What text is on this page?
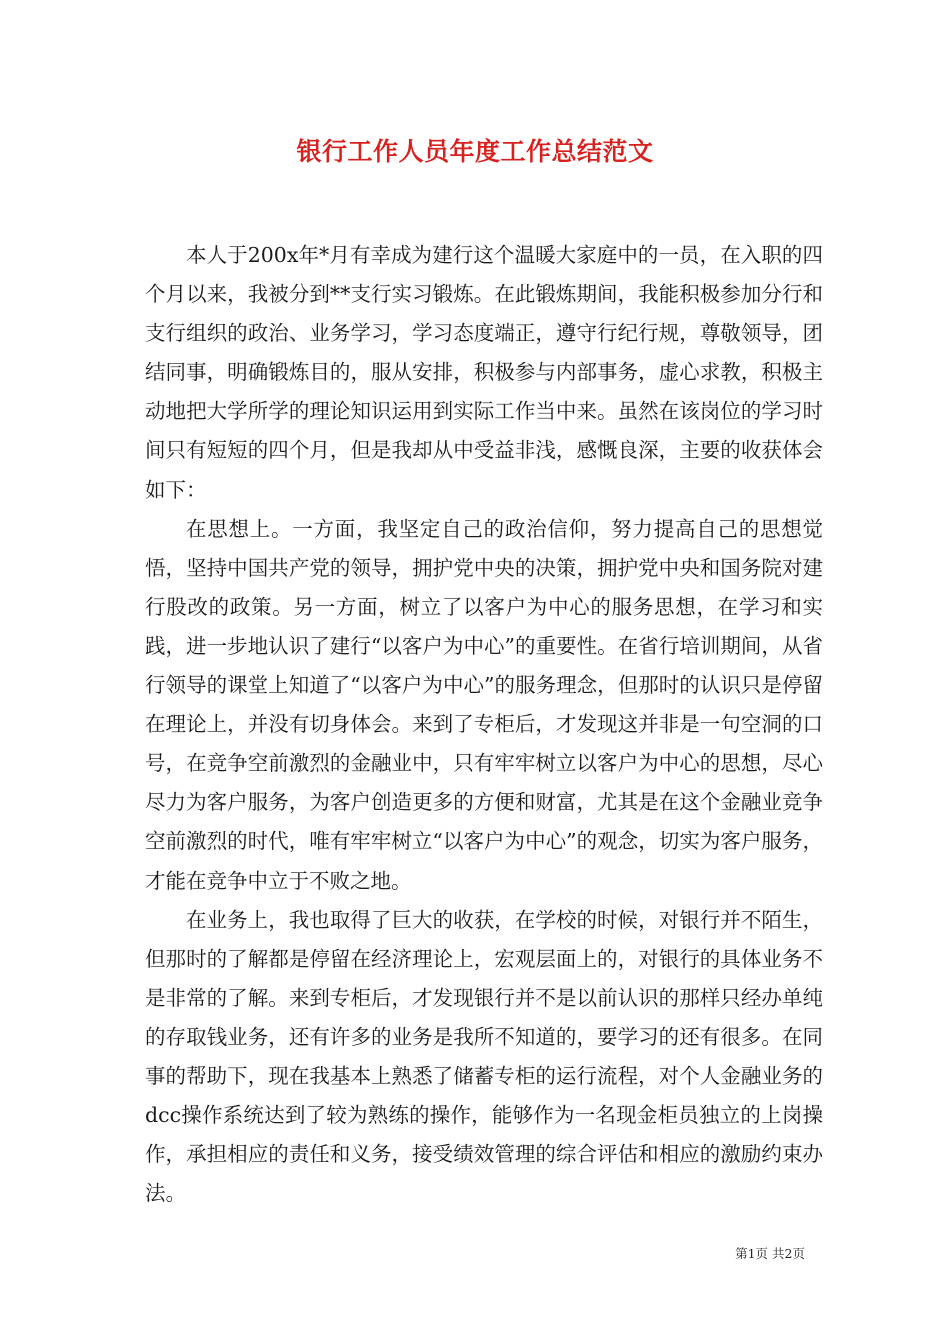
银行工作人员年度工作总结范文

本人于200x年*月有幸成为建行这个温暖大家庭中的一员，在入职的四个月以来，我被分到**支行实习锻炼。在此锻炼期间，我能积极参加分行和支行组织的政治、业务学习，学习态度端正，遵守行纪行规，尊敬领导，团结同事，明确锻炼目的，服从安排，积极参与内部事务，虚心求教，积极主动地把大学所学的理论知识运用到实际工作当中来。虽然在该岗位的学习时间只有短短的四个月，但是我却从中受益非浅，感慨良深，主要的收获体会如下：

在思想上。一方面，我坚定自己的政治信仰，努力提高自己的思想觉悟，坚持中国共产党的领导，拥护党中央的决策，拥护党中央和国务院对建行股改的政策。另一方面，树立了以客户为中心的服务思想，在学习和实践，进一步地认识了建行“以客户为中心”的重要性。在省行培训期间，从省行领导的课堂上知道了“以客户为中心”的服务理念，但那时的认识只是停留在理论上，并没有切身体会。来到了专柜后，才发现这并非是一句空洞的口号，在竞争空前激烈的金融业中，只有牢牢树立以客户为中心的思想，尽心尽力为客户服务，为客户创造更多的方便和财富，尤其是在这个金融业竞争空前激烈的时代，唯有牢牢树立“以客户为中心”的观念，切实为客户服务，才能在竞争中立于不败之地。

在业务上，我也取得了巨大的收获，在学校的时候，对银行并不陌生，但那时的了解都是停留在经济理论上，宏观层面上的，对银行的具体业务不是非常的了解。来到专柜后，才发现银行并不是以前认识的那样只经办单纯的存取钱业务，还有许多的业务是我所不知道的，要学习的还有很多。在同事的帮助下，现在我基本上熟悉了储蓄专柜的运行流程，对个人金融业务的dcc操作系统达到了较为熟练的操作，能够作为一名现金柜员独立的上岗操作，承担相应的责任和义务，接受绩效管理的综合评估和相应的激励约束办法。

第1页 共2页
